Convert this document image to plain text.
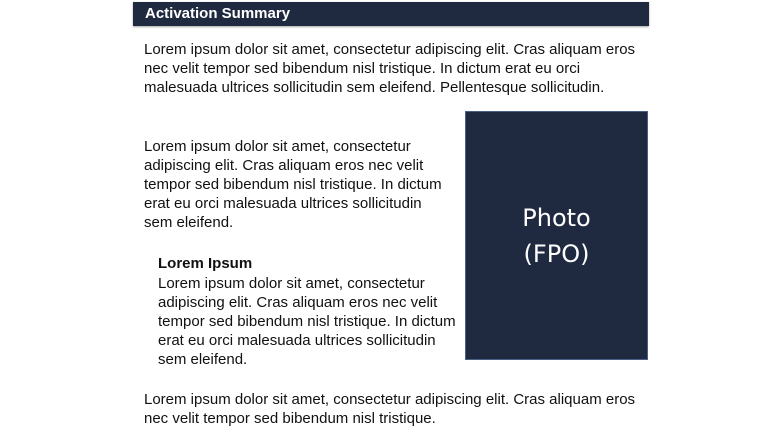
Activation Summary

Lorem ipsum dolor sit amet, consectetur adipiscing elit. Cras aliquam eros nec velit tempor sed bibendum nisl tristique. In dictum erat eu orci malesuada ultrices sollicitudin sem eleifend. Pellentesque sollicitudin.

Lorem ipsum dolor sit amet, consectetur adipiscing elit. Cras aliquam eros nec velit tempor sed bibendum nisl tristique. In dictum erat eu orci malesuada ultrices sollicitudin sem eleifend.

Lorem Ipsum

Lorem ipsum dolor sit amet, consectetur adipiscing elit. Cras aliquam eros nec velit tempor sed bibendum nisl tristique. In dictum erat eu orci malesuada ultrices sollicitudin sem eleifend.

Lorem ipsum dolor sit amet, consectetur adipiscing elit. Cras aliquam eros nec velit tempor sed bibendum nisl tristique.

Photo
(FPO)
